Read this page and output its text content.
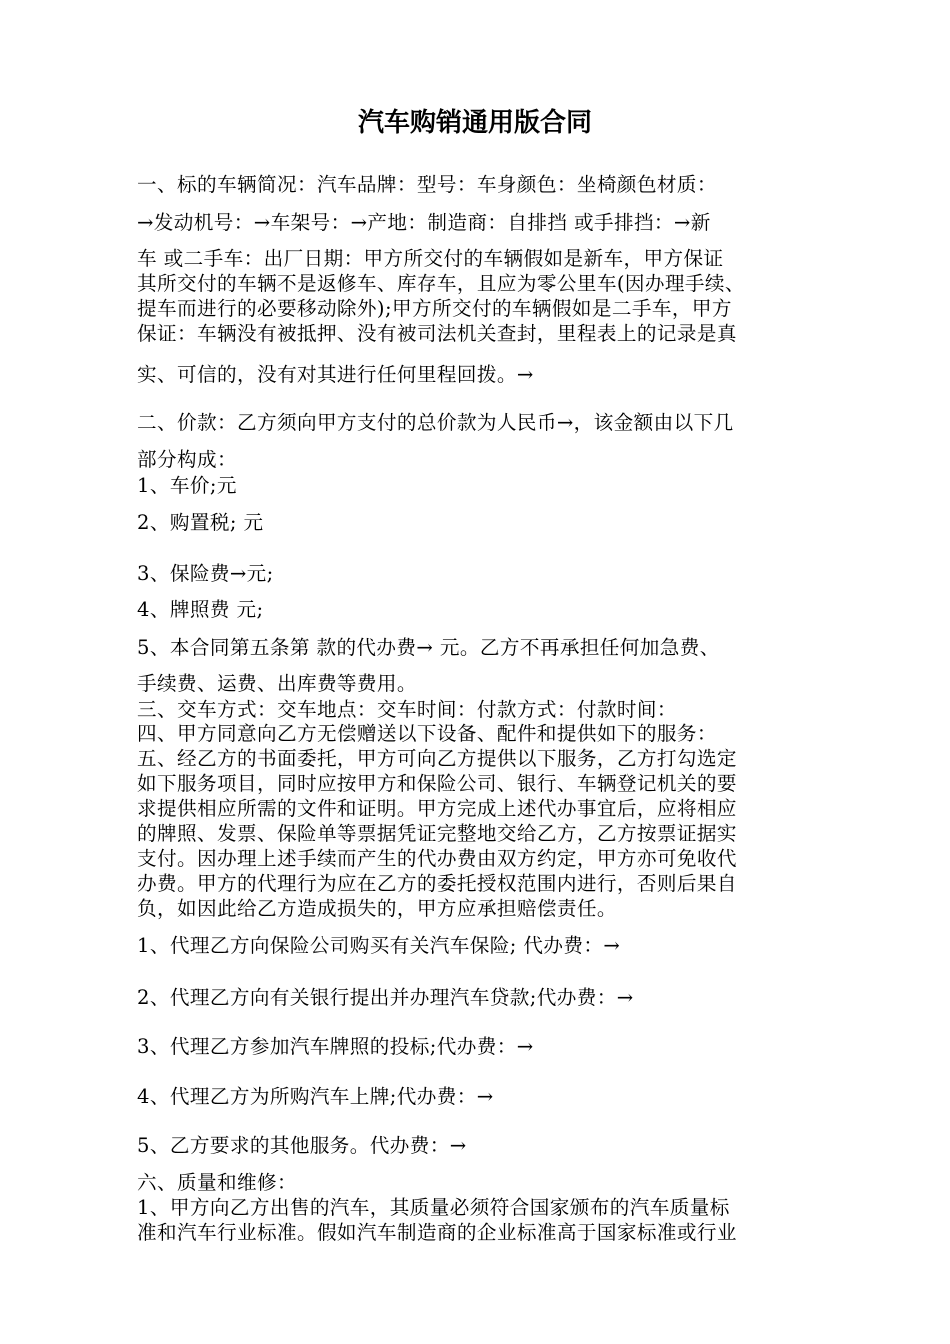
汽车购销通用版合同
一、标的车辆简况：汽车品牌：型号：车身颜色：坐椅颜色材质：
→发动机号：→车架号：→产地：制造商：自排挡 或手排挡：→新
车 或二手车：出厂日期：甲方所交付的车辆假如是新车，甲方保证
其所交付的车辆不是返修车、库存车，且应为零公里车(因办理手续、
提车而进行的必要移动除外);甲方所交付的车辆假如是二手车，甲方
保证：车辆没有被抵押、没有被司法机关查封，里程表上的记录是真
实、可信的，没有对其进行任何里程回拨。→
二、价款：乙方须向甲方支付的总价款为人民币→，该金额由以下几
部分构成：
1、车价;元
2、购置税; 元
3、保险费→元;
4、牌照费 元;
5、本合同第五条第 款的代办费→ 元。乙方不再承担任何加急费、
手续费、运费、出库费等费用。
三、交车方式：交车地点：交车时间：付款方式：付款时间：
四、甲方同意向乙方无偿赠送以下设备、配件和提供如下的服务：
五、经乙方的书面委托，甲方可向乙方提供以下服务，乙方打勾选定
如下服务项目，同时应按甲方和保险公司、银行、车辆登记机关的要
求提供相应所需的文件和证明。甲方完成上述代办事宜后，应将相应
的牌照、发票、保险单等票据凭证完整地交给乙方，乙方按票证据实
支付。因办理上述手续而产生的代办费由双方约定，甲方亦可免收代
办费。甲方的代理行为应在乙方的委托授权范围内进行，否则后果自
负，如因此给乙方造成损失的，甲方应承担赔偿责任。
1、代理乙方向保险公司购买有关汽车保险; 代办费：→
2、代理乙方向有关银行提出并办理汽车贷款;代办费：→
3、代理乙方参加汽车牌照的投标;代办费：→
4、代理乙方为所购汽车上牌;代办费：→
5、乙方要求的其他服务。代办费：→
六、质量和维修：
1、甲方向乙方出售的汽车，其质量必须符合国家颁布的汽车质量标
准和汽车行业标准。假如汽车制造商的企业标准高于国家标准或行业
